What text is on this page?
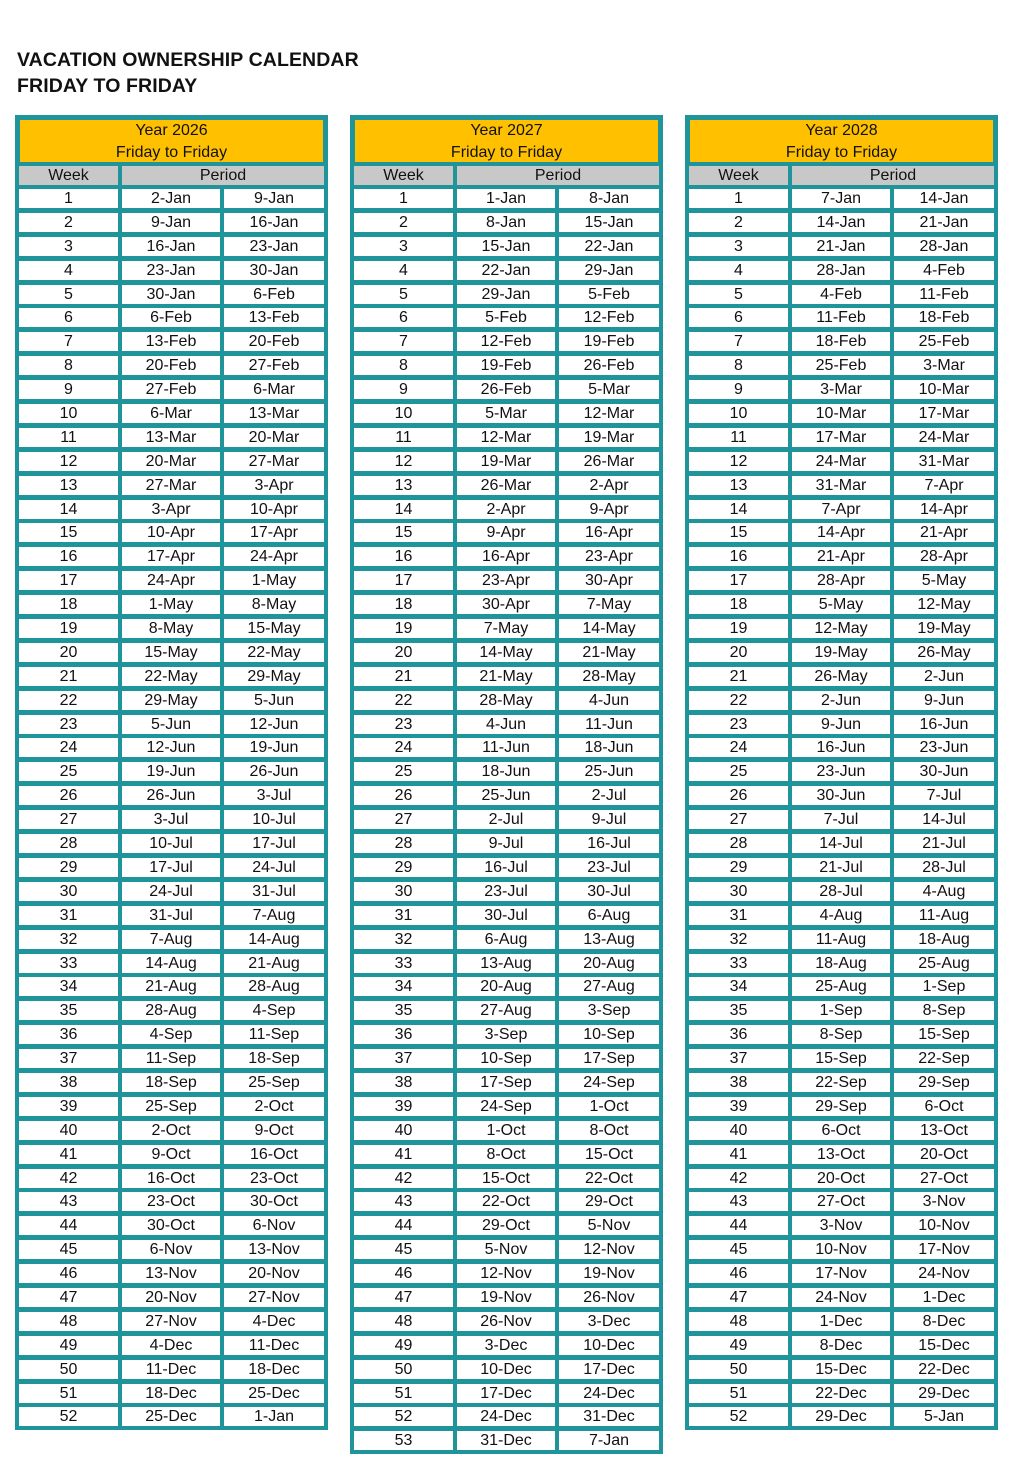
VACATION OWNERSHIP CALENDAR
FRIDAY TO FRIDAY
Year 2026
Friday to Friday
Week	Period
1	2-Jan	9-Jan
2	9-Jan	16-Jan
3	16-Jan	23-Jan
4	23-Jan	30-Jan
5	30-Jan	6-Feb
6	6-Feb	13-Feb
7	13-Feb	20-Feb
8	20-Feb	27-Feb
9	27-Feb	6-Mar
10	6-Mar	13-Mar
11	13-Mar	20-Mar
12	20-Mar	27-Mar
13	27-Mar	3-Apr
14	3-Apr	10-Apr
15	10-Apr	17-Apr
16	17-Apr	24-Apr
17	24-Apr	1-May
18	1-May	8-May
19	8-May	15-May
20	15-May	22-May
21	22-May	29-May
22	29-May	5-Jun
23	5-Jun	12-Jun
24	12-Jun	19-Jun
25	19-Jun	26-Jun
26	26-Jun	3-Jul
27	3-Jul	10-Jul
28	10-Jul	17-Jul
29	17-Jul	24-Jul
30	24-Jul	31-Jul
31	31-Jul	7-Aug
32	7-Aug	14-Aug
33	14-Aug	21-Aug
34	21-Aug	28-Aug
35	28-Aug	4-Sep
36	4-Sep	11-Sep
37	11-Sep	18-Sep
38	18-Sep	25-Sep
39	25-Sep	2-Oct
40	2-Oct	9-Oct
41	9-Oct	16-Oct
42	16-Oct	23-Oct
43	23-Oct	30-Oct
44	30-Oct	6-Nov
45	6-Nov	13-Nov
46	13-Nov	20-Nov
47	20-Nov	27-Nov
48	27-Nov	4-Dec
49	4-Dec	11-Dec
50	11-Dec	18-Dec
51	18-Dec	25-Dec
52	25-Dec	1-Jan
Year 2027
Friday to Friday
Week	Period
1	1-Jan	8-Jan
2	8-Jan	15-Jan
3	15-Jan	22-Jan
4	22-Jan	29-Jan
5	29-Jan	5-Feb
6	5-Feb	12-Feb
7	12-Feb	19-Feb
8	19-Feb	26-Feb
9	26-Feb	5-Mar
10	5-Mar	12-Mar
11	12-Mar	19-Mar
12	19-Mar	26-Mar
13	26-Mar	2-Apr
14	2-Apr	9-Apr
15	9-Apr	16-Apr
16	16-Apr	23-Apr
17	23-Apr	30-Apr
18	30-Apr	7-May
19	7-May	14-May
20	14-May	21-May
21	21-May	28-May
22	28-May	4-Jun
23	4-Jun	11-Jun
24	11-Jun	18-Jun
25	18-Jun	25-Jun
26	25-Jun	2-Jul
27	2-Jul	9-Jul
28	9-Jul	16-Jul
29	16-Jul	23-Jul
30	23-Jul	30-Jul
31	30-Jul	6-Aug
32	6-Aug	13-Aug
33	13-Aug	20-Aug
34	20-Aug	27-Aug
35	27-Aug	3-Sep
36	3-Sep	10-Sep
37	10-Sep	17-Sep
38	17-Sep	24-Sep
39	24-Sep	1-Oct
40	1-Oct	8-Oct
41	8-Oct	15-Oct
42	15-Oct	22-Oct
43	22-Oct	29-Oct
44	29-Oct	5-Nov
45	5-Nov	12-Nov
46	12-Nov	19-Nov
47	19-Nov	26-Nov
48	26-Nov	3-Dec
49	3-Dec	10-Dec
50	10-Dec	17-Dec
51	17-Dec	24-Dec
52	24-Dec	31-Dec
53	31-Dec	7-Jan
Year 2028
Friday to Friday
Week	Period
1	7-Jan	14-Jan
2	14-Jan	21-Jan
3	21-Jan	28-Jan
4	28-Jan	4-Feb
5	4-Feb	11-Feb
6	11-Feb	18-Feb
7	18-Feb	25-Feb
8	25-Feb	3-Mar
9	3-Mar	10-Mar
10	10-Mar	17-Mar
11	17-Mar	24-Mar
12	24-Mar	31-Mar
13	31-Mar	7-Apr
14	7-Apr	14-Apr
15	14-Apr	21-Apr
16	21-Apr	28-Apr
17	28-Apr	5-May
18	5-May	12-May
19	12-May	19-May
20	19-May	26-May
21	26-May	2-Jun
22	2-Jun	9-Jun
23	9-Jun	16-Jun
24	16-Jun	23-Jun
25	23-Jun	30-Jun
26	30-Jun	7-Jul
27	7-Jul	14-Jul
28	14-Jul	21-Jul
29	21-Jul	28-Jul
30	28-Jul	4-Aug
31	4-Aug	11-Aug
32	11-Aug	18-Aug
33	18-Aug	25-Aug
34	25-Aug	1-Sep
35	1-Sep	8-Sep
36	8-Sep	15-Sep
37	15-Sep	22-Sep
38	22-Sep	29-Sep
39	29-Sep	6-Oct
40	6-Oct	13-Oct
41	13-Oct	20-Oct
42	20-Oct	27-Oct
43	27-Oct	3-Nov
44	3-Nov	10-Nov
45	10-Nov	17-Nov
46	17-Nov	24-Nov
47	24-Nov	1-Dec
48	1-Dec	8-Dec
49	8-Dec	15-Dec
50	15-Dec	22-Dec
51	22-Dec	29-Dec
52	29-Dec	5-Jan
